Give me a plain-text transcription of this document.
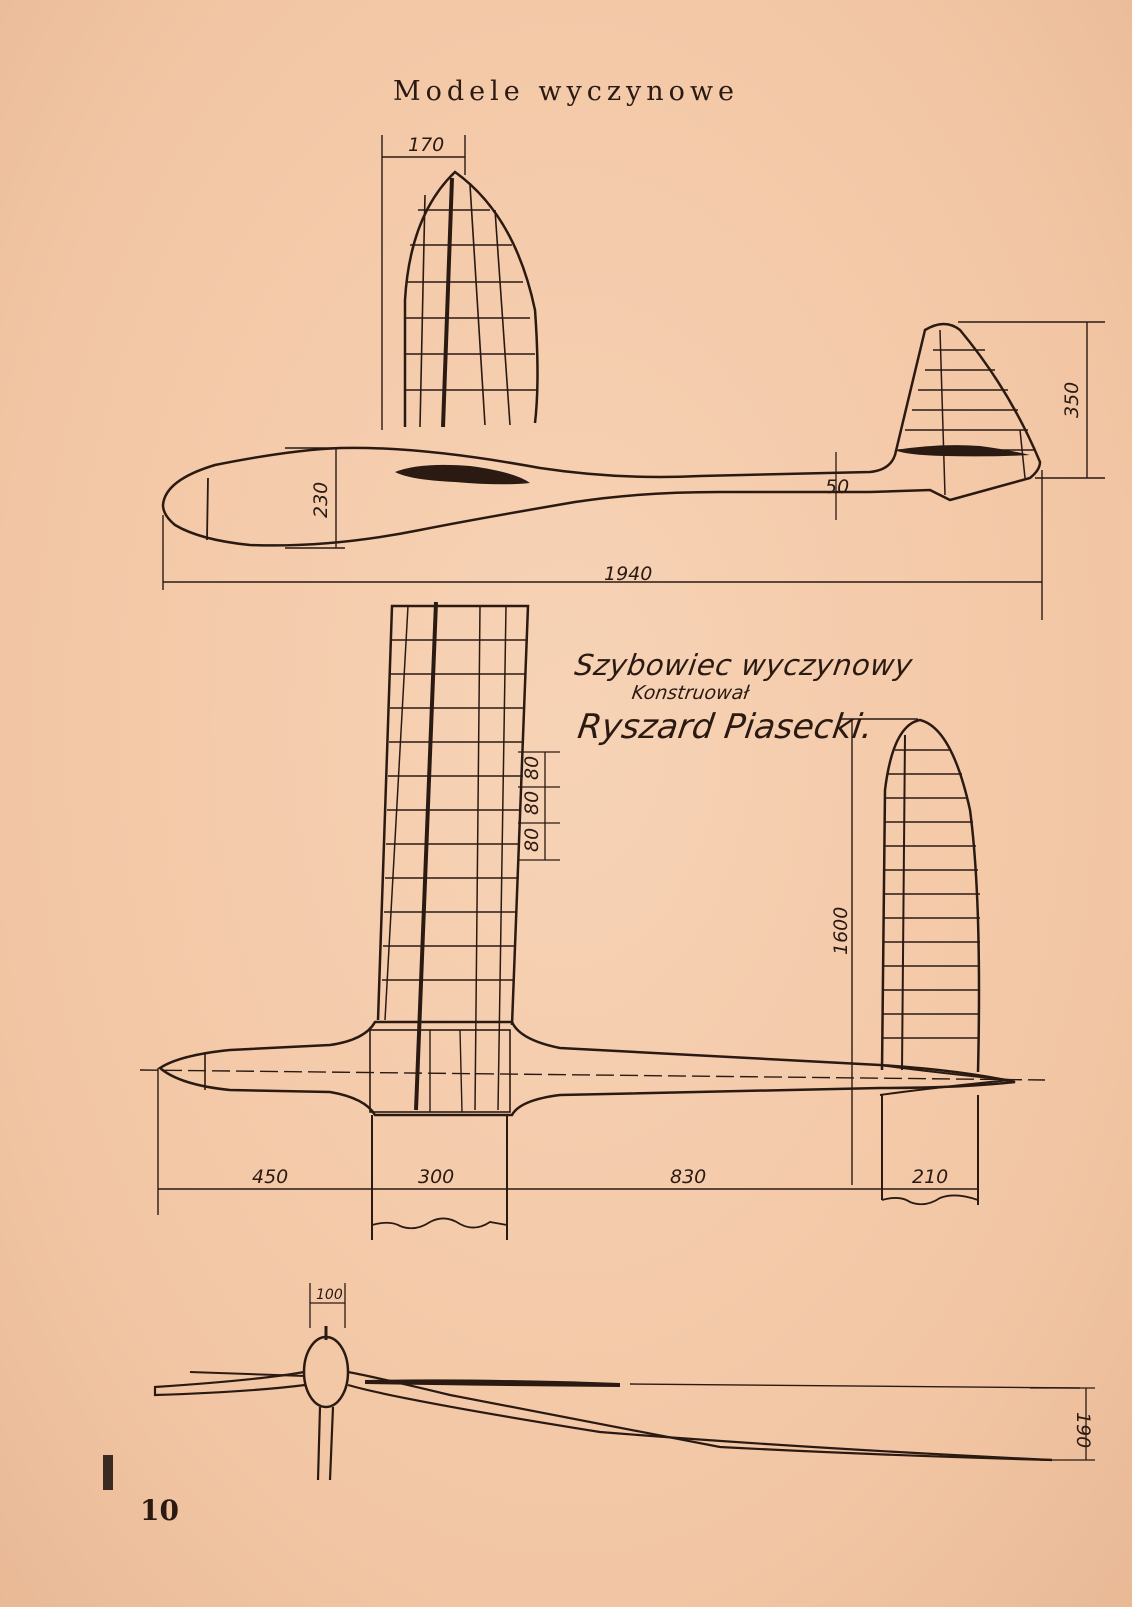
Modele wyczynowe
Szybowiec wyczynowy
Konstruował
Ryszard Piasecki.
170
350
230	50
1940
80
80
80
1600
450	300	830	210
100
190
10
